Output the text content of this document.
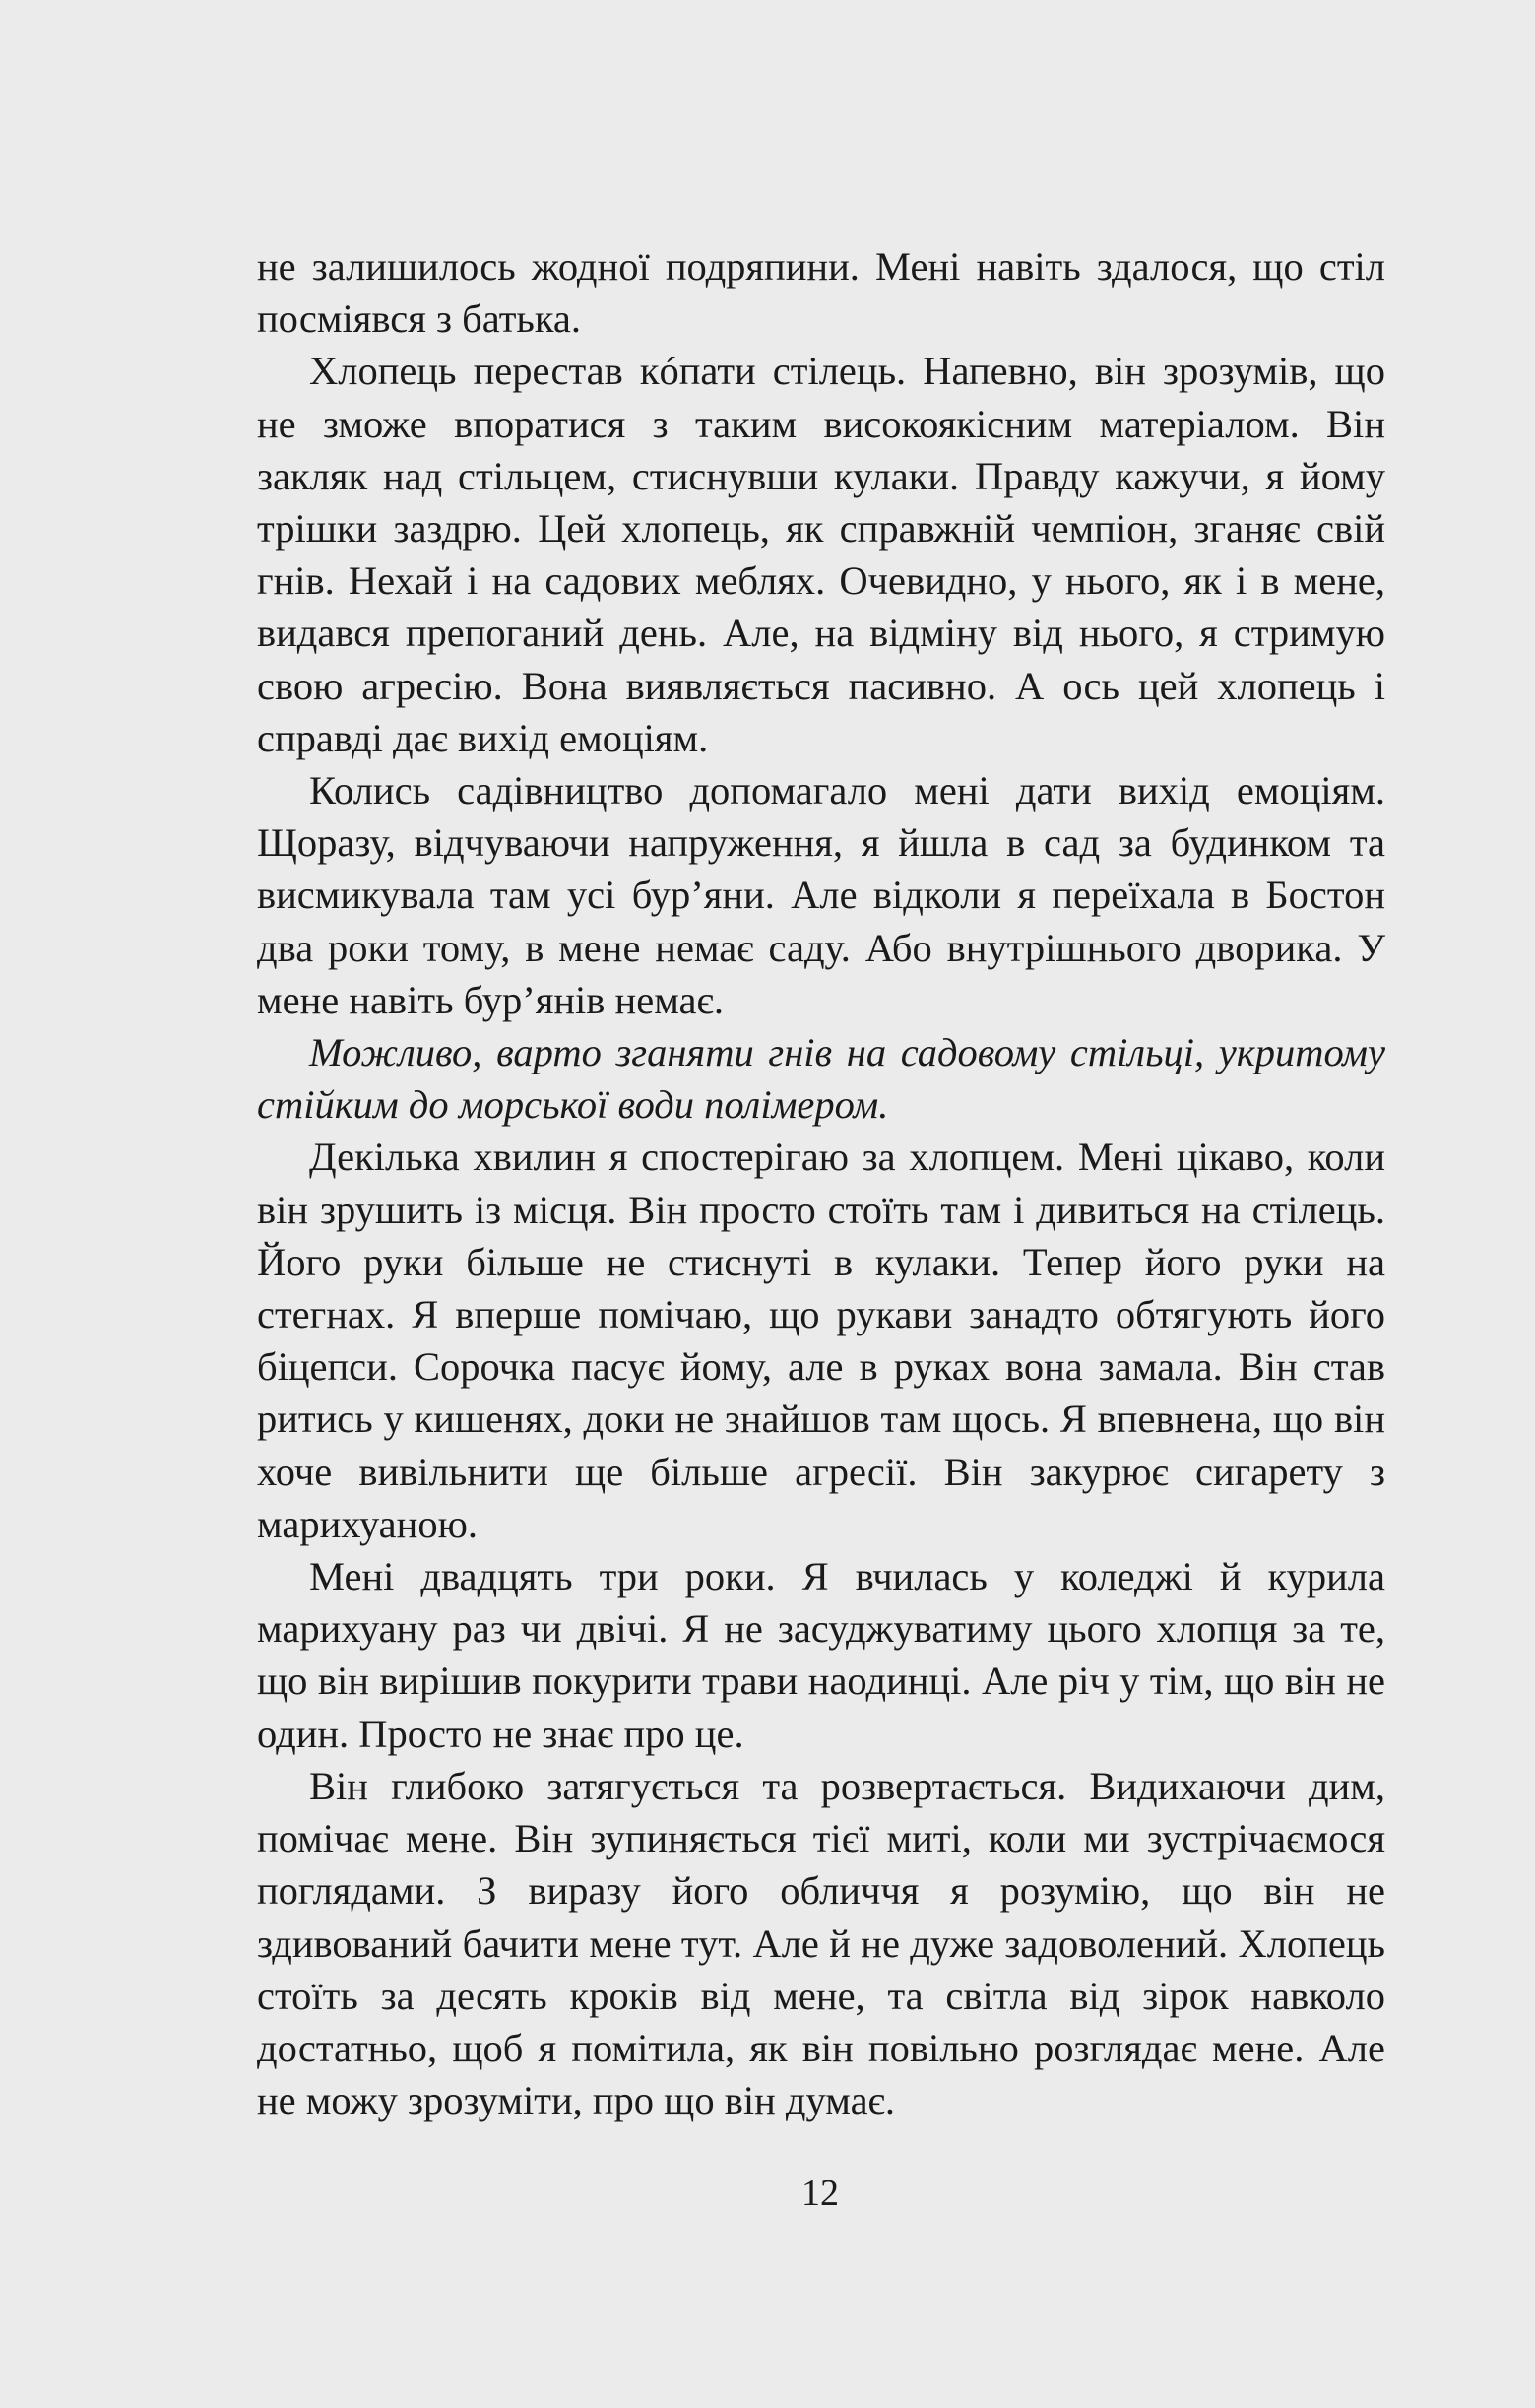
не залишилось жодної подряпини. Мені навіть здалося, що стіл посміявся з батька.

Хлопець перестав кóпати стілець. Напевно, він зрозумів, що не зможе впоратися з таким високоякісним матеріалом. Він закляк над стільцем, стиснувши кулаки. Правду кажучи, я йому трішки заздрю. Цей хлопець, як справжній чемпіон, зганяє свій гнів. Нехай і на садових меблях. Очевидно, у нього, як і в мене, видався препоганий день. Але, на відміну від нього, я стримую свою агресію. Вона виявляється пасивно. А ось цей хлопець і справді дає вихід емоціям.

Колись садівництво допомагало мені дати вихід емоціям. Щоразу, відчуваючи напруження, я йшла в сад за будинком та висмикувала там усі бур’яни. Але відколи я переїхала в Бостон два роки тому, в мене немає саду. Або внутрішнього дворика. У мене навіть бур’янів немає.

Можливо, варто зганяти гнів на садовому стільці, укритому стійким до морської води полімером.

Декілька хвилин я спостерігаю за хлопцем. Мені цікаво, коли він зрушить із місця. Він просто стоїть там і дивиться на стілець. Його руки більше не стиснуті в кулаки. Тепер його руки на стегнах. Я вперше помічаю, що рукави занадто обтягують його біцепси. Сорочка пасує йому, але в руках вона замала. Він став ритись у кишенях, доки не знайшов там щось. Я впевнена, що він хоче вивільнити ще більше агресії. Він закурює сигарету з марихуаною.

Мені двадцять три роки. Я вчилась у коледжі й курила марихуану раз чи двічі. Я не засуджуватиму цього хлопця за те, що він вирішив покурити трави наодинці. Але річ у тім, що він не один. Просто не знає про це.

Він глибоко затягується та розвертається. Видихаючи дим, помічає мене. Він зупиняється тієї миті, коли ми зустрічаємося поглядами. З виразу його обличчя я розумію, що він не здивований бачити мене тут. Але й не дуже задоволений. Хлопець стоїть за десять кроків від мене, та світла від зірок навколо достатньо, щоб я помітила, як він повільно розглядає мене. Але не можу зрозуміти, про що він думає.

12
